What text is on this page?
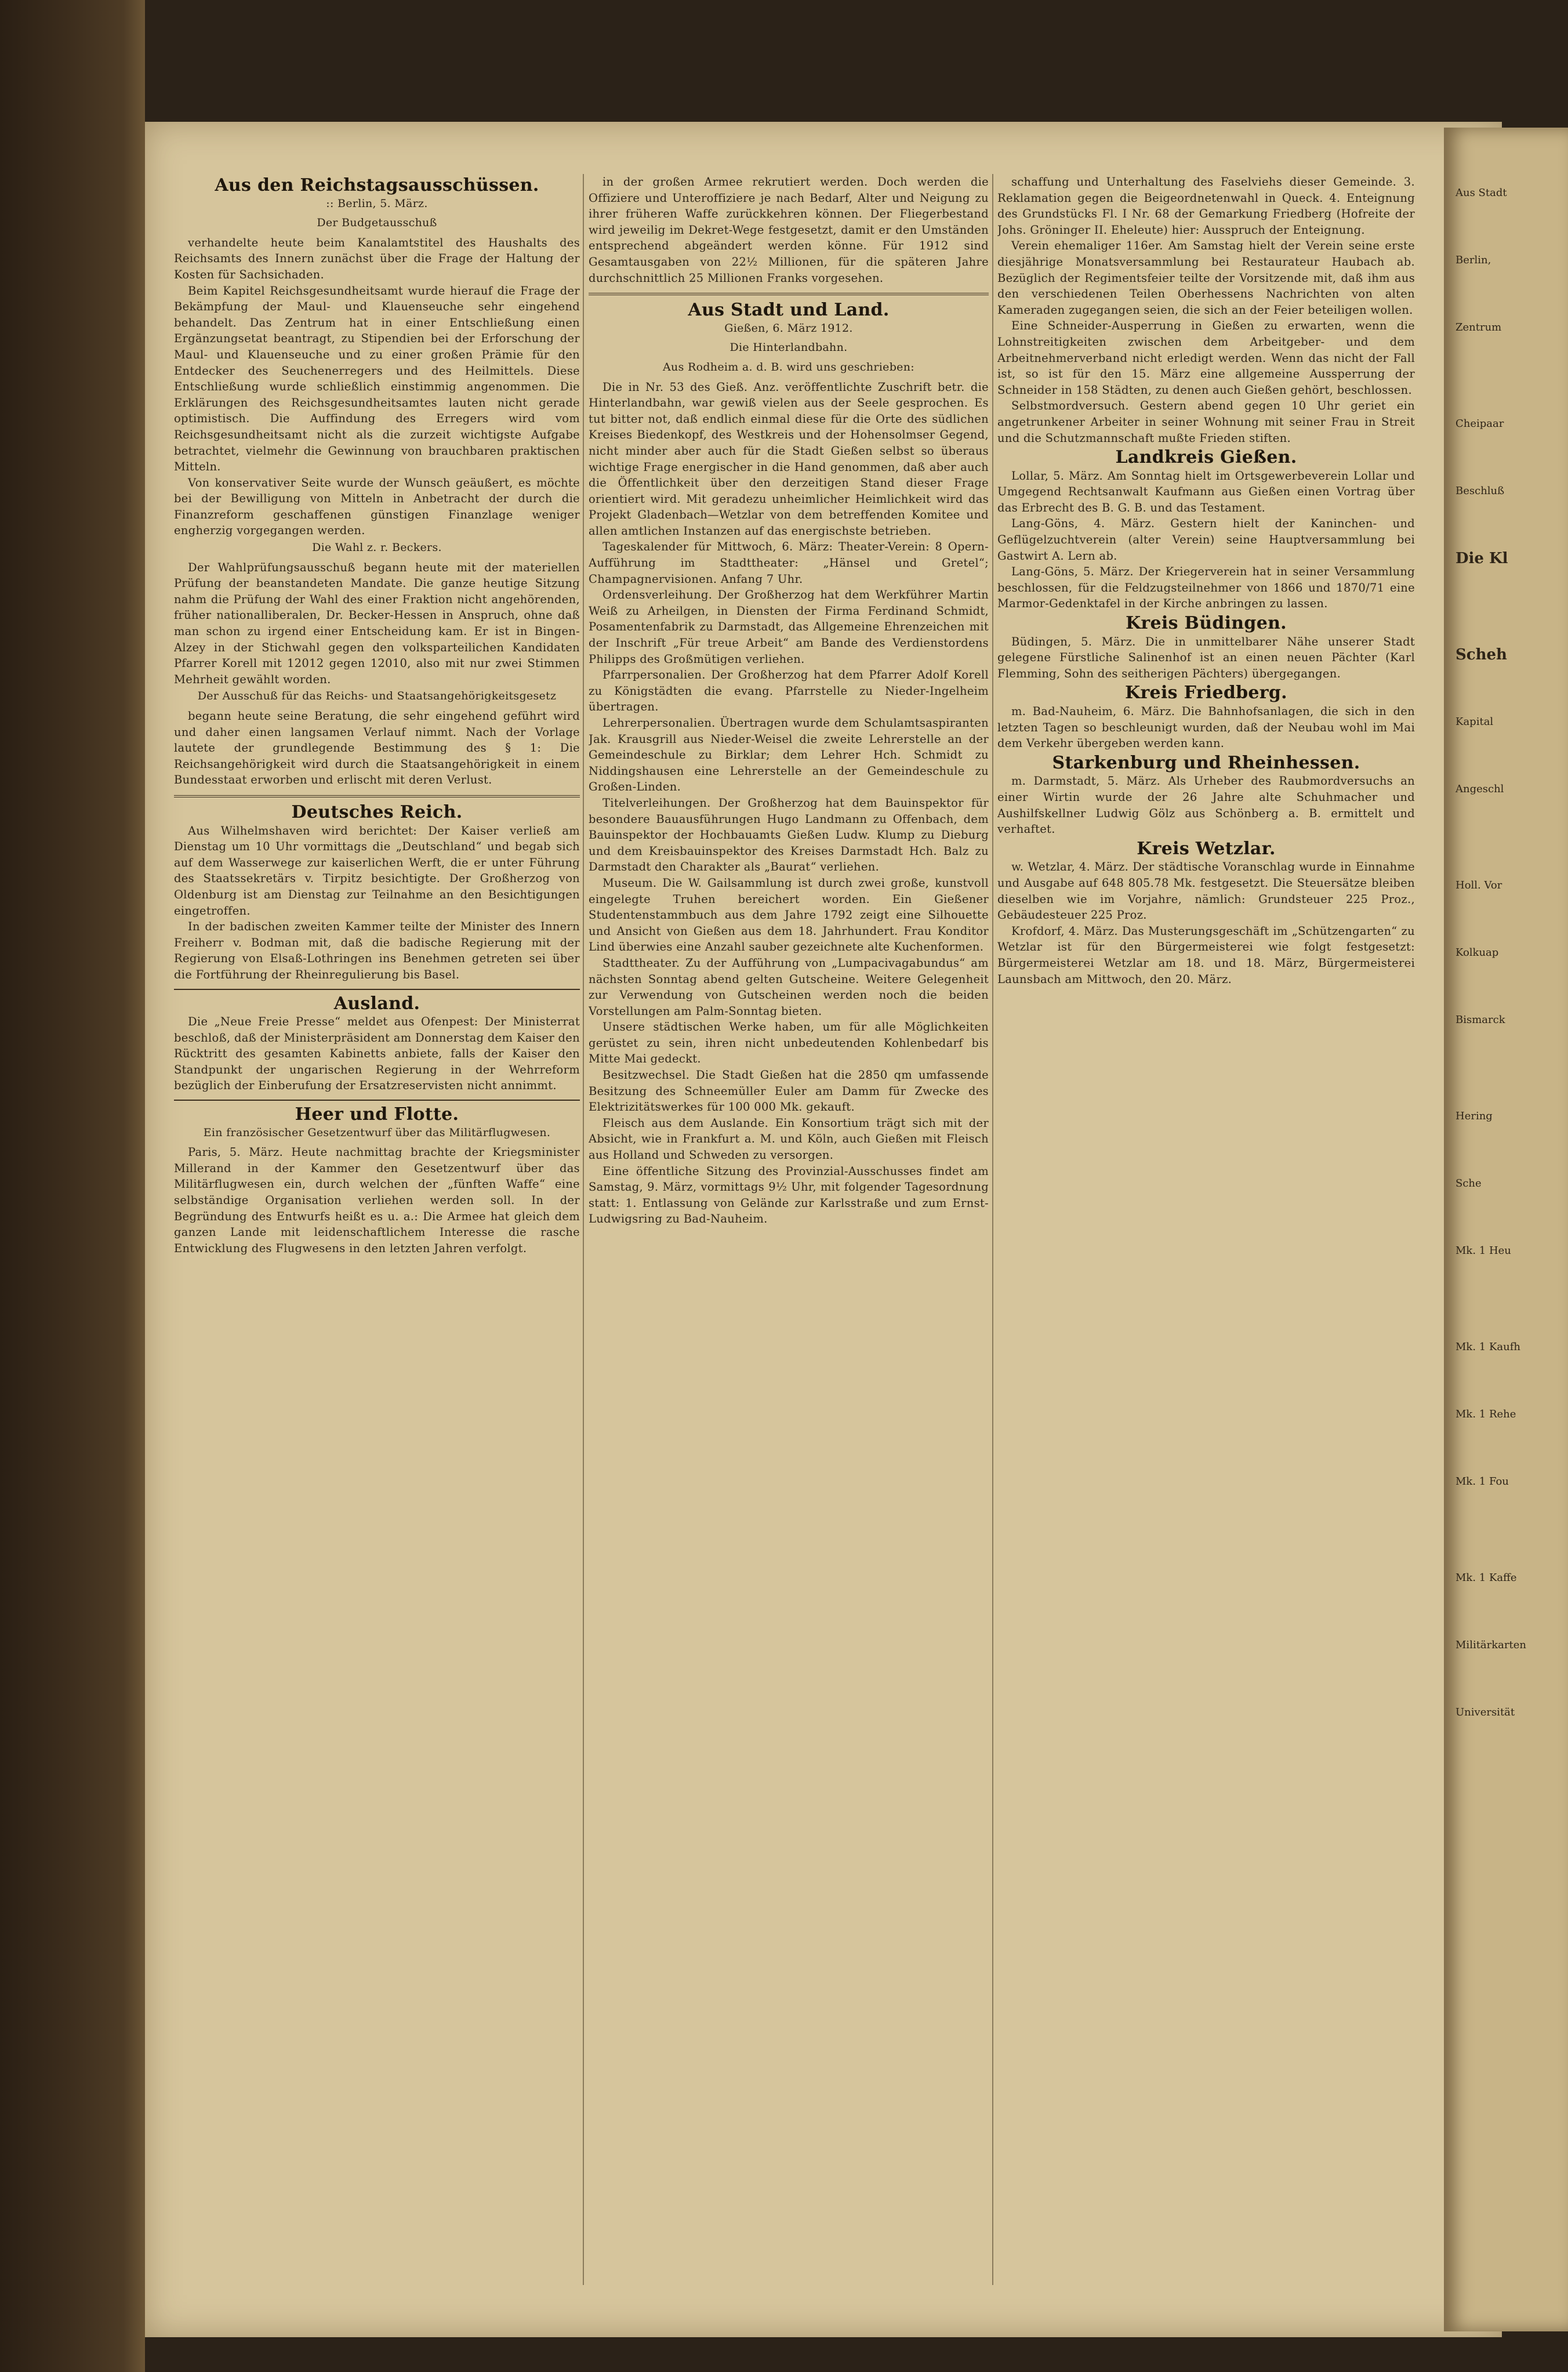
Aus den Reichstagsausschüssen.
:: Berlin, 5. März.
Der Budgetausschuß

verhandelte heute beim Kanalamtstitel des Haushalts des Reichsamts des Innern zunächst über die Frage der Haltung der Kosten für Sachsichaden.

Beim Kapitel Reichsgesundheitsamt wurde hierauf die Frage der Bekämpfung der Maul- und Klauenseuche sehr eingehend behandelt. Das Zentrum hat in einer Entschließung einen Ergänzungsetat beantragt, zu Stipendien bei der Erforschung der Maul- und Klauenseuche und zu einer großen Prämie für den Entdecker des Seuchenerregers und des Heilmittels. Diese Entschließung wurde schließlich einstimmig angenommen. Die Erklärungen des Reichsgesundheitsamtes lauten nicht gerade optimistisch. Die Auffindung des Erregers wird vom Reichsgesundheitsamt nicht als die zurzeit wichtigste Aufgabe betrachtet, vielmehr die Gewinnung von brauchbaren praktischen Mitteln.

Von konservativer Seite wurde der Wunsch geäußert, es möchte bei der Bewilligung von Mitteln in Anbetracht der durch die Finanzreform geschaffenen günstigen Finanzlage weniger engherzig vorgegangen werden.

Die Wahl z. r. Beckers.

Der Wahlprüfungsausschuß begann heute mit der materiellen Prüfung der beanstandeten Mandate. Die ganze heutige Sitzung nahm die Prüfung der Wahl des einer Fraktion nicht angehörenden, früher nationalliberalen, Dr. Becker-Hessen in Anspruch, ohne daß man schon zu irgend einer Entscheidung kam. Er ist in Bingen-Alzey in der Stichwahl gegen den volksparteilichen Kandidaten Pfarrer Korell mit 12012 gegen 12010, also mit nur zwei Stimmen Mehrheit gewählt worden.

Der Ausschuß für das Reichs- und Staatsangehörigkeitsgesetz

begann heute seine Beratung, die sehr eingehend geführt wird und daher einen langsamen Verlauf nimmt. Nach der Vorlage lautete der grundlegende Bestimmung des § 1: Die Reichsangehörigkeit wird durch die Staatsangehörigkeit in einem Bundesstaat erworben und erlischt mit deren Verlust.

Deutsches Reich.

Aus Wilhelmshaven wird berichtet: Der Kaiser verließ am Dienstag um 10 Uhr vormittags die „Deutschland“ und begab sich auf dem Wasserwege zur kaiserlichen Werft, die er unter Führung des Staatssekretärs v. Tirpitz besichtigte. Der Großherzog von Oldenburg ist am Dienstag zur Teilnahme an den Besichtigungen eingetroffen.

In der badischen zweiten Kammer teilte der Minister des Innern Freiherr v. Bodman mit, daß die badische Regierung mit der Regierung von Elsaß-Lothringen ins Benehmen getreten sei über die Fortführung der Rheinregulierung bis Basel.

Ausland.

Die „Neue Freie Presse“ meldet aus Ofenpest: Der Ministerrat beschloß, daß der Ministerpräsident am Donnerstag dem Kaiser den Rücktritt des gesamten Kabinetts anbiete, falls der Kaiser den Standpunkt der ungarischen Regierung in der Wehrreform bezüglich der Einberufung der Ersatzreservisten nicht annimmt.

Heer und Flotte.
Ein französischer Gesetzentwurf über das Militärflugwesen.

Paris, 5. März. Heute nachmittag brachte der Kriegsminister Millerand in der Kammer den Gesetzentwurf über das Militärflugwesen ein, durch welchen der „fünften Waffe“ eine selbständige Organisation verliehen werden soll. In der Begründung des Entwurfs heißt es u. a.: Die Armee hat gleich dem ganzen Lande mit leidenschaftlichem Interesse die rasche Entwicklung des Flugwesens in den letzten Jahren verfolgt.

in der großen Armee rekrutiert werden. Doch werden die Offiziere und Unteroffiziere je nach Bedarf, Alter und Neigung zu ihrer früheren Waffe zurückkehren können. Der Fliegerbestand wird jeweilig im Dekret-Wege festgesetzt, damit er den Umständen entsprechend abgeändert werden könne. Für 1912 sind Gesamtausgaben von 22½ Millionen, für die späteren Jahre durchschnittlich 25 Millionen Franks vorgesehen.

Aus Stadt und Land.
Gießen, 6. März 1912.
Die Hinterlandbahn.
Aus Rodheim a. d. B. wird uns geschrieben:

Die in Nr. 53 des Gieß. Anz. veröffentlichte Zuschrift betr. die Hinterlandbahn, war gewiß vielen aus der Seele gesprochen. Es tut bitter not, daß endlich einmal diese für die Orte des südlichen Kreises Biedenkopf, des Westkreis und der Hohensolmser Gegend, nicht minder aber auch für die Stadt Gießen selbst so überaus wichtige Frage energischer in die Hand genommen, daß aber auch die Öffentlichkeit über den derzeitigen Stand dieser Frage orientiert wird. Mit geradezu unheimlicher Heimlichkeit wird das Projekt Gladenbach—Wetzlar von dem betreffenden Komitee und allen amtlichen Instanzen auf das energischste betrieben.

Tageskalender für Mittwoch, 6. März: Theater-Verein: 8 Opern-Aufführung im Stadttheater: „Hänsel und Gretel“; Champagnervisionen. Anfang 7 Uhr.

Ordensverleihung. Der Großherzog hat dem Werkführer Martin Weiß zu Arheilgen, in Diensten der Firma Ferdinand Schmidt, Posamentenfabrik zu Darmstadt, das Allgemeine Ehrenzeichen mit der Inschrift „Für treue Arbeit“ am Bande des Verdienstordens Philipps des Großmütigen verliehen.

Pfarrpersonalien. Der Großherzog hat dem Pfarrer Adolf Korell zu Königstädten die evang. Pfarrstelle zu Nieder-Ingelheim übertragen.

Lehrerpersonalien. Übertragen wurde dem Schulamtsaspiranten Jak. Krausgrill aus Nieder-Weisel die zweite Lehrerstelle an der Gemeindeschule zu Birklar; dem Lehrer Hch. Schmidt zu Niddingshausen eine Lehrerstelle an der Gemeindeschule zu Großen-Linden.

Titelverleihungen. Der Großherzog hat dem Bauinspektor für besondere Bauausführungen Hugo Landmann zu Offenbach, dem Bauinspektor der Hochbauamts Gießen Ludw. Klump zu Dieburg und dem Kreisbauinspektor des Kreises Darmstadt Hch. Balz zu Darmstadt den Charakter als „Baurat“ verliehen.

Museum. Die W. Gailsammlung ist durch zwei große, kunstvoll eingelegte Truhen bereichert worden. Ein Gießener Studentenstammbuch aus dem Jahre 1792 zeigt eine Silhouette und Ansicht von Gießen aus dem 18. Jahrhundert. Frau Konditor Lind überwies eine Anzahl sauber gezeichnete alte Kuchenformen.

Stadttheater. Zu der Aufführung von „Lumpacivagabundus“ am nächsten Sonntag abend gelten Gutscheine. Weitere Gelegenheit zur Verwendung von Gutscheinen werden noch die beiden Vorstellungen am Palm-Sonntag bieten.

Unsere städtischen Werke haben, um für alle Möglichkeiten gerüstet zu sein, ihren nicht unbedeutenden Kohlenbedarf bis Mitte Mai gedeckt.

Besitzwechsel. Die Stadt Gießen hat die 2850 qm umfassende Besitzung des Schneemüller Euler am Damm für Zwecke des Elektrizitätswerkes für 100 000 Mk. gekauft.

Fleisch aus dem Auslande. Ein Konsortium trägt sich mit der Absicht, wie in Frankfurt a. M. und Köln, auch Gießen mit Fleisch aus Holland und Schweden zu versorgen.

Eine öffentliche Sitzung des Provinzial-Ausschusses findet am Samstag, 9. März, vormittags 9½ Uhr, mit folgender Tagesordnung statt: 1. Entlassung von Gelände zur Karlsstraße und zum Ernst-Ludwigsring zu Bad-Nauheim.

schaffung und Unterhaltung des Faselviehs dieser Gemeinde. 3. Reklamation gegen die Beigeordnetenwahl in Queck. 4. Enteignung des Grundstücks Fl. I Nr. 68 der Gemarkung Friedberg (Hofreite der Johs. Gröninger II. Eheleute) hier: Ausspruch der Enteignung.

Verein ehemaliger 116er. Am Samstag hielt der Verein seine erste diesjährige Monatsversammlung bei Restaurateur Haubach ab. Bezüglich der Regimentsfeier teilte der Vorsitzende mit, daß ihm aus den verschiedenen Teilen Oberhessens Nachrichten von alten Kameraden zugegangen seien, die sich an der Feier beteiligen wollen.

Eine Schneider-Ausperrung in Gießen zu erwarten, wenn die Lohnstreitigkeiten zwischen dem Arbeitgeber- und dem Arbeitnehmerverband nicht erledigt werden. Wenn das nicht der Fall ist, so ist für den 15. März eine allgemeine Aussperrung der Schneider in 158 Städten, zu denen auch Gießen gehört, beschlossen.

Selbstmordversuch. Gestern abend gegen 10 Uhr geriet ein angetrunkener Arbeiter in seiner Wohnung mit seiner Frau in Streit und die Schutzmannschaft mußte Frieden stiften.

Landkreis Gießen.

Lollar, 5. März. Am Sonntag hielt im Ortsgewerbeverein Lollar und Umgegend Rechtsanwalt Kaufmann aus Gießen einen Vortrag über das Erbrecht des B. G. B. und das Testament.

Lang-Göns, 4. März. Gestern hielt der Kaninchen- und Geflügelzuchtverein (alter Verein) seine Hauptversammlung bei Gastwirt A. Lern ab.

Lang-Göns, 5. März. Der Kriegerverein hat in seiner Versammlung beschlossen, für die Feldzugsteilnehmer von 1866 und 1870/71 eine Marmor-Gedenktafel in der Kirche anbringen zu lassen.

Kreis Büdingen.

Büdingen, 5. März. Die in unmittelbarer Nähe unserer Stadt gelegene Fürstliche Salinenhof ist an einen neuen Pächter (Karl Flemming, Sohn des seitherigen Pächters) übergegangen.

Kreis Friedberg.

m. Bad-Nauheim, 6. März. Die Bahnhofsanlagen, die sich in den letzten Tagen so beschleunigt wurden, daß der Neubau wohl im Mai dem Verkehr übergeben werden kann.

Starkenburg und Rheinhessen.

m. Darmstadt, 5. März. Als Urheber des Raubmordversuchs an einer Wirtin wurde der 26 Jahre alte Schuhmacher und Aushilfskellner Ludwig Gölz aus Schönberg a. B. ermittelt und verhaftet.

Kreis Wetzlar.

w. Wetzlar, 4. März. Der städtische Voranschlag wurde in Einnahme und Ausgabe auf 648 805.78 Mk. festgesetzt. Die Steuersätze bleiben dieselben wie im Vorjahre, nämlich: Grundsteuer 225 Proz., Gebäudesteuer 225 Proz.

Krofdorf, 4. März. Das Musterungsgeschäft im „Schützengarten“ zu Wetzlar ist für den Bürgermeisterei wie folgt festgesetzt: Bürgermeisterei Wetzlar am 18. und 18. März, Bürgermeisterei Launsbach am Mittwoch, den 20. März.

Aus Stadt
Berlin,
Zentrum
Cheipaar
Beschluß
Die Kl
Scheh
Kapital
Angeschl
Holl. Vor
Kolkuap
Bismarck
Hering
Sche
Mk. 1 Heu
Mk. 1 Kaufh
Mk. 1 Rehe
Mk. 1 Fou
Mk. 1 Kaffe
Militärkarten
Universität
